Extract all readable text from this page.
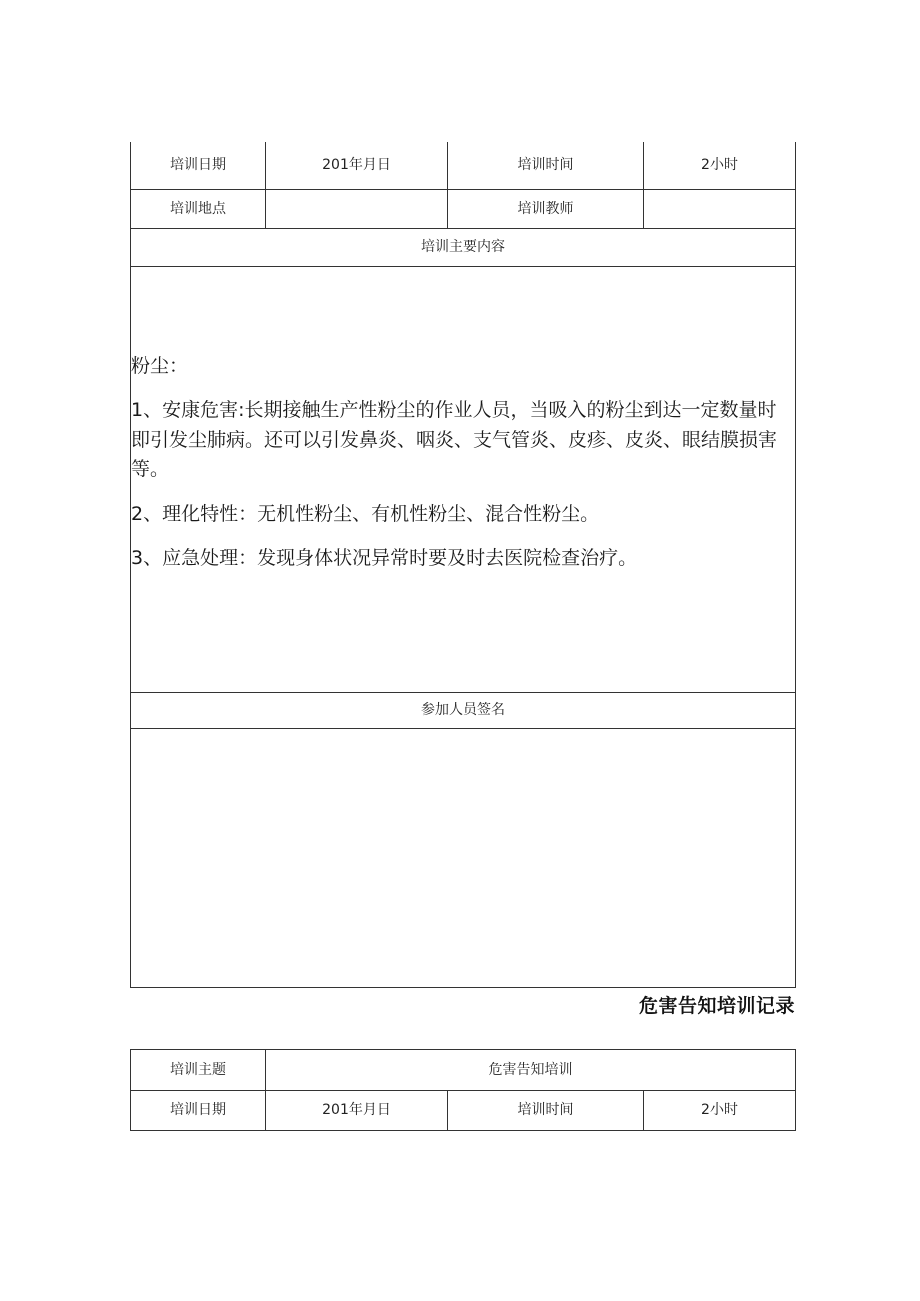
培训日期	201年月日	培训时间	2小时
培训地点		培训教师	
培训主要内容			

粉尘：

1、安康危害:长期接触生产性粉尘的作业人员，当吸入的粉尘到达一定数量时即引发尘肺病。还可以引发鼻炎、咽炎、支气管炎、皮疹、皮炎、眼结膜损害等。

2、理化特性：无机性粉尘、有机性粉尘、混合性粉尘。

3、应急处理：发现身体状况异常时要及时去医院检查治疗。			

参加人员签名			

危害告知培训记录
培训主题	危害告知培训		
培训日期	201年月日	培训时间	2小时
